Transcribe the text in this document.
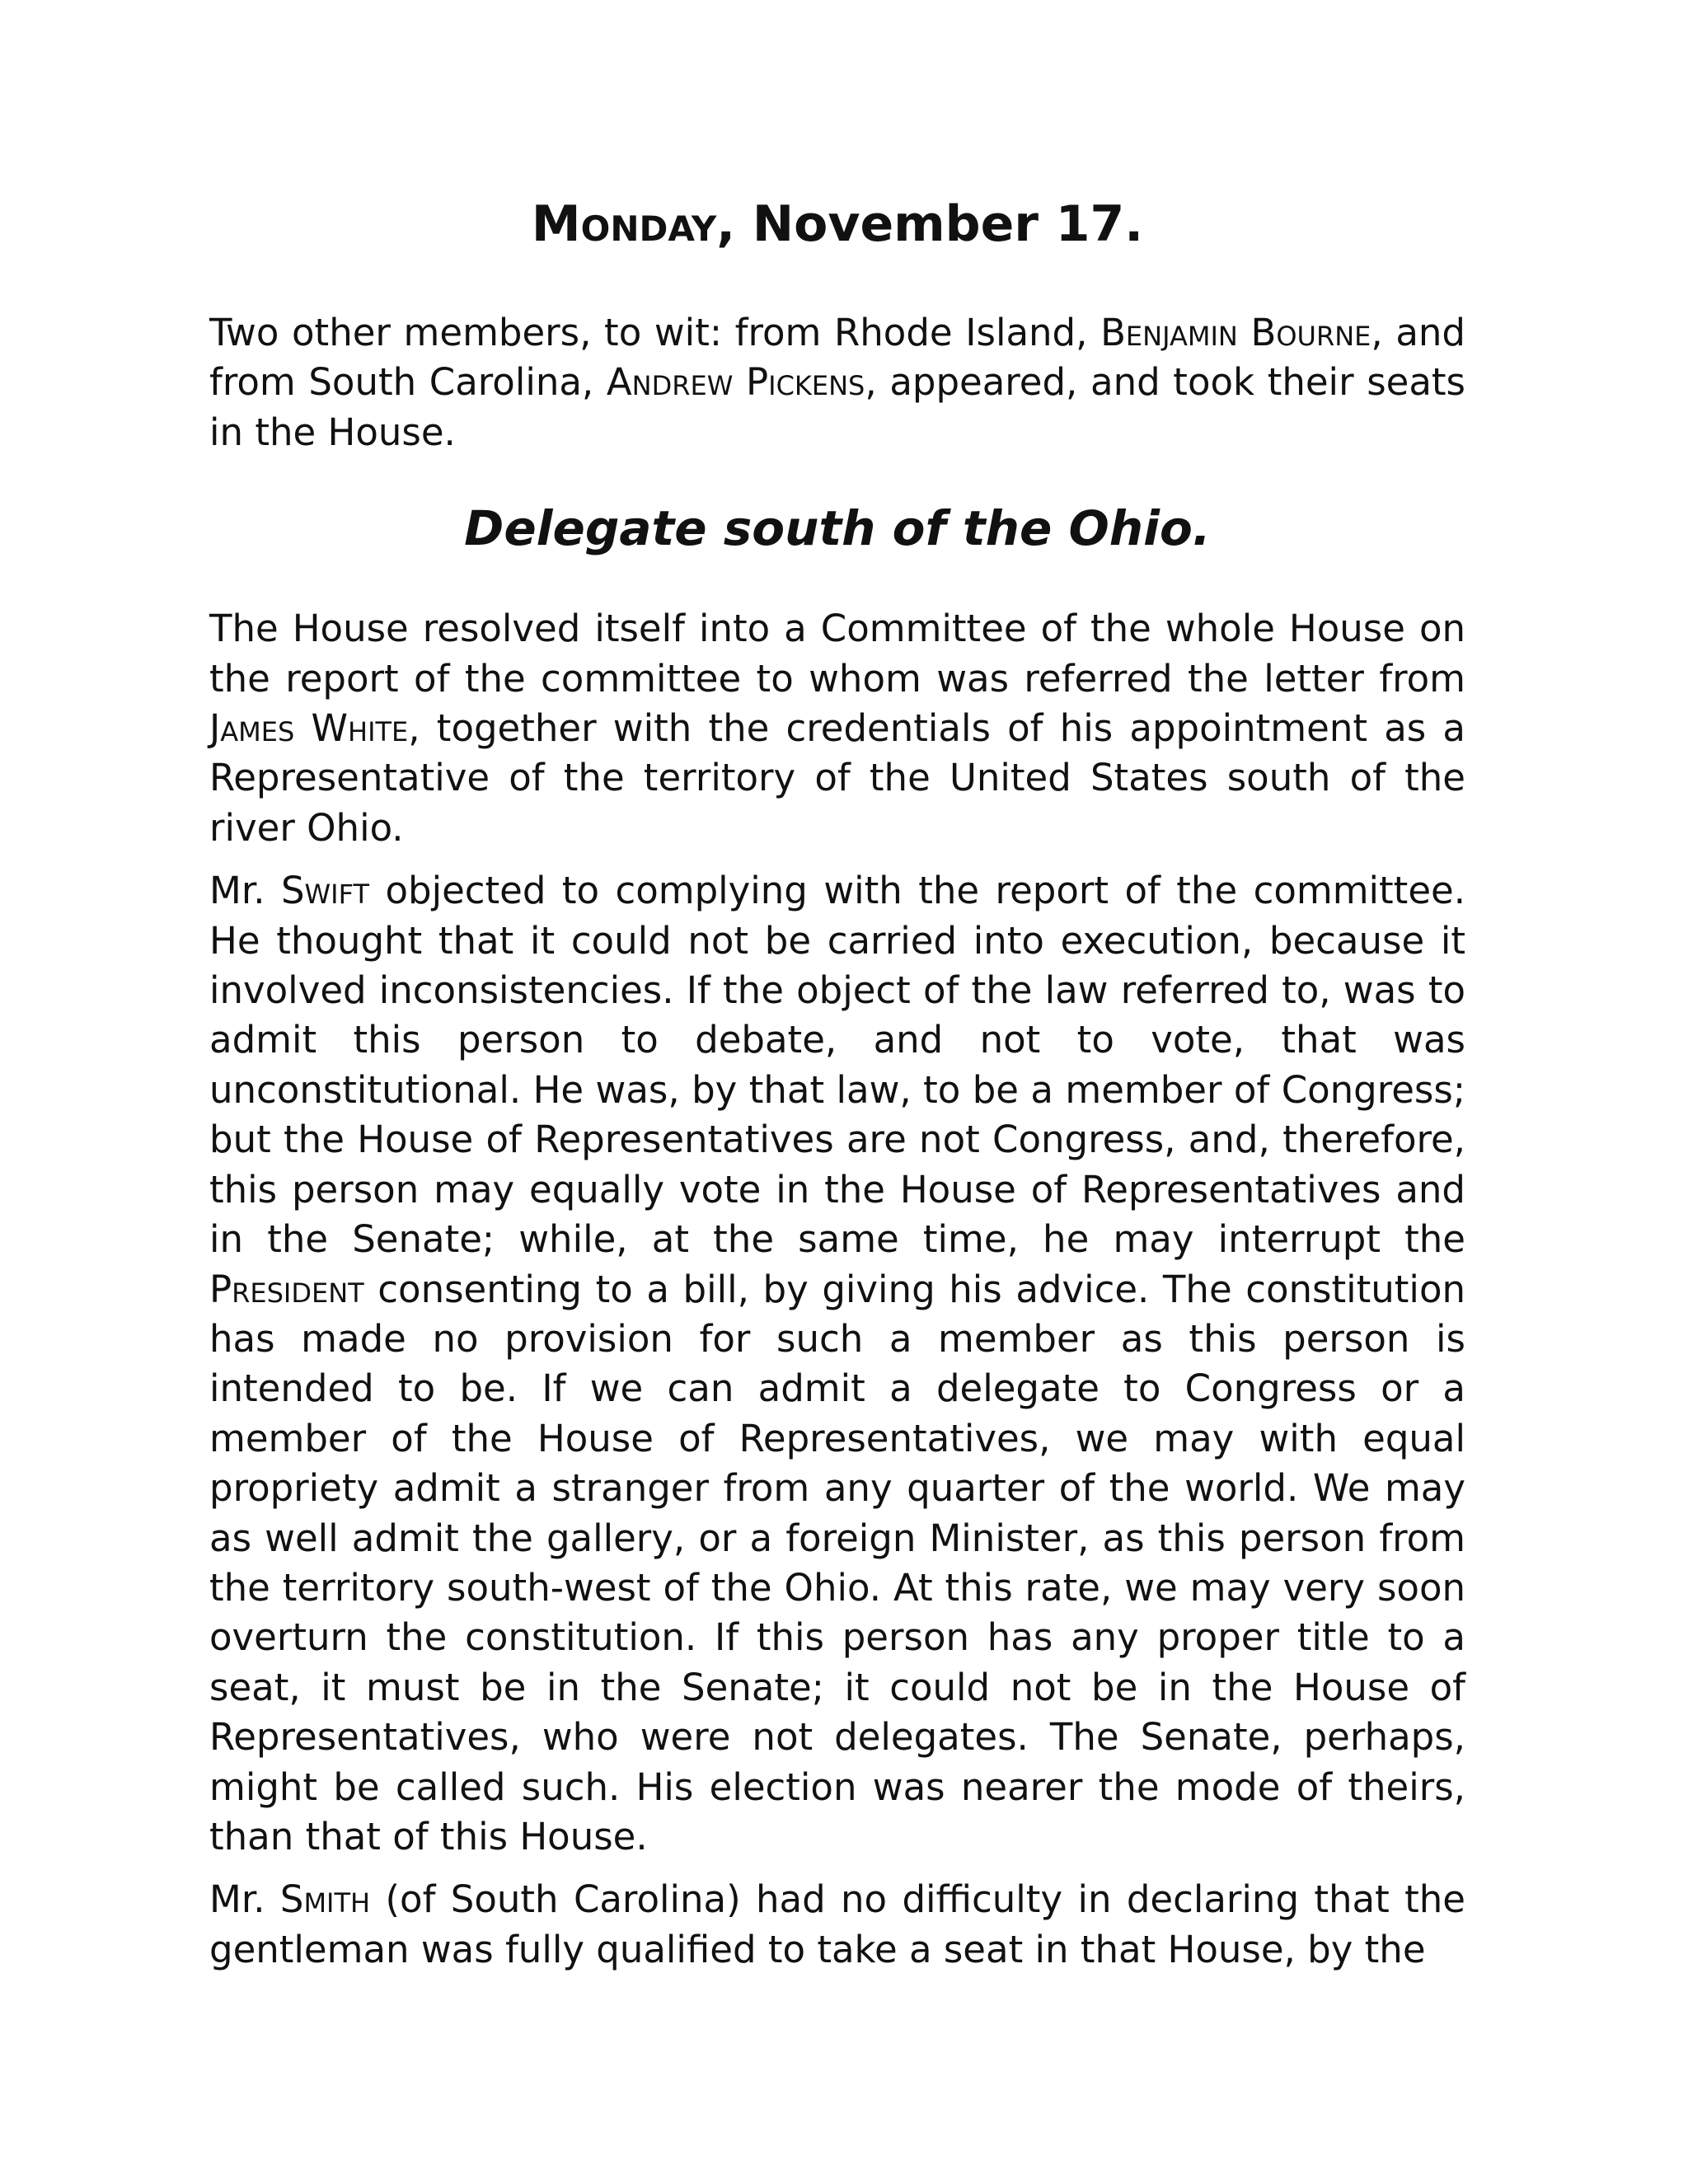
Monday, November 17.

Two other members, to wit: from Rhode Island, Benjamin Bourne, and from South Carolina, Andrew Pickens, appeared, and took their seats in the House.

Delegate south of the Ohio.

The House resolved itself into a Committee of the whole House on the report of the committee to whom was referred the letter from James White, together with the credentials of his appointment as a Representative of the territory of the United States south of the river Ohio.

Mr. Swift objected to complying with the report of the committee. He thought that it could not be carried into execution, because it involved inconsistencies. If the object of the law referred to, was to admit this person to debate, and not to vote, that was unconstitutional. He was, by that law, to be a member of Congress; but the House of Representatives are not Congress, and, therefore, this person may equally vote in the House of Representatives and in the Senate; while, at the same time, he may interrupt the President consenting to a bill, by giving his advice. The constitution has made no provision for such a member as this person is intended to be. If we can admit a delegate to Congress or a member of the House of Representatives, we may with equal propriety admit a stranger from any quarter of the world. We may as well admit the gallery, or a foreign Minister, as this person from the territory south-west of the Ohio. At this rate, we may very soon overturn the constitution. If this person has any proper title to a seat, it must be in the Senate; it could not be in the House of Representatives, who were not delegates. The Senate, perhaps, might be called such. His election was nearer the mode of theirs, than that of this House.

Mr. Smith (of South Carolina) had no difficulty in declaring that the gentleman was fully qualified to take a seat in that House, by the
